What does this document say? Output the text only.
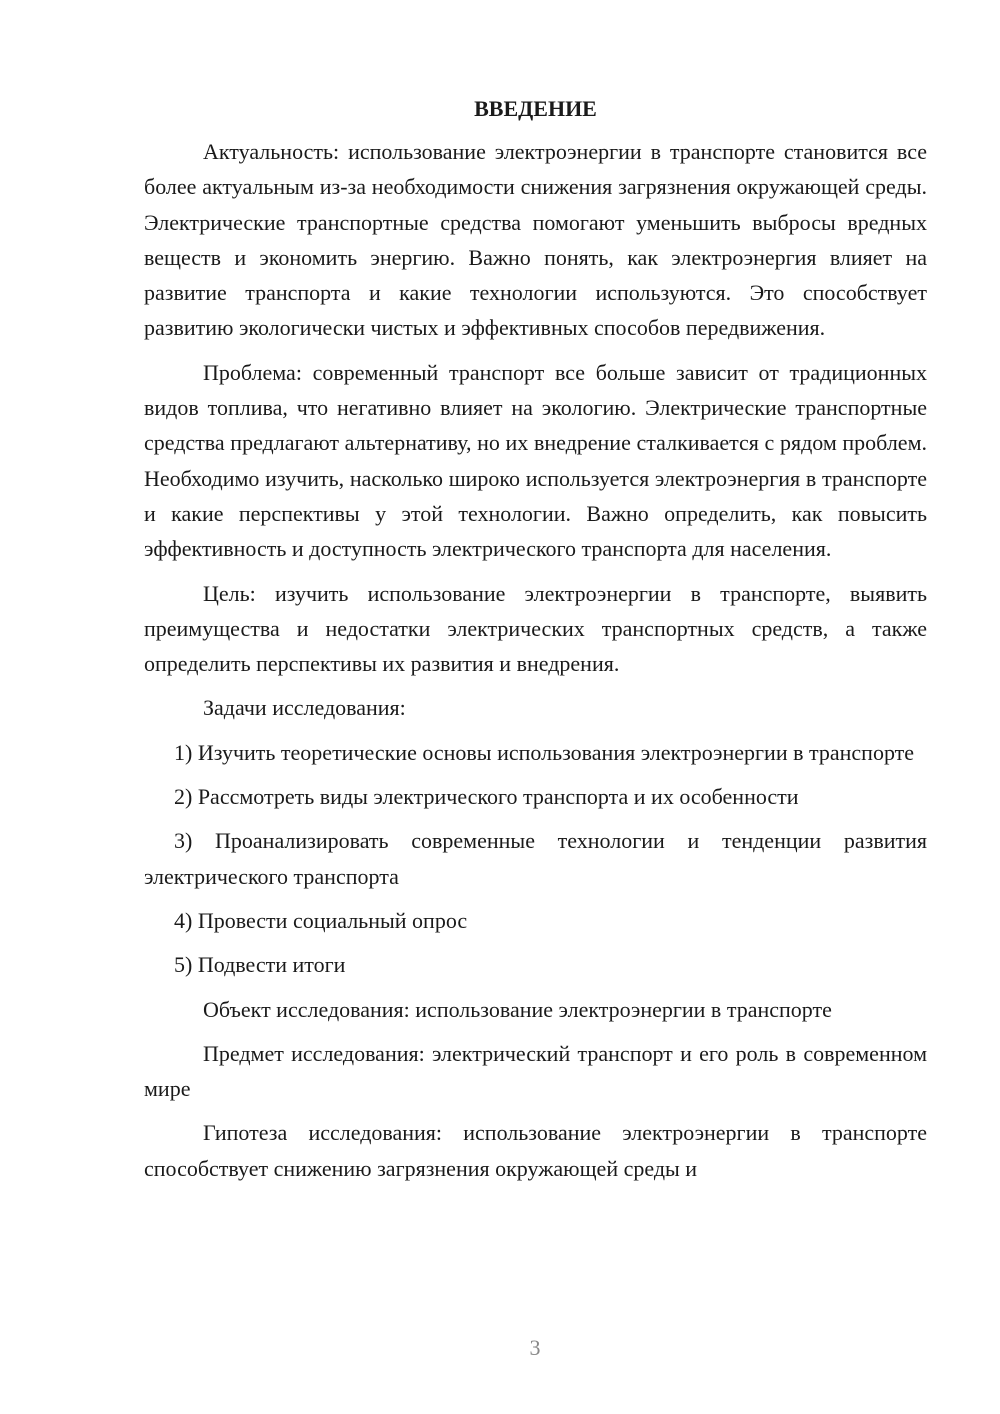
ВВЕДЕНИЕ

Актуальность: использование электроэнергии в транспорте становится все более актуальным из-за необходимости снижения загрязнения окружающей среды. Электрические транспортные средства помогают уменьшить выбросы вредных веществ и экономить энергию. Важно понять, как электроэнергия влияет на развитие транспорта и какие технологии используются. Это способствует развитию экологически чистых и эффективных способов передвижения.

Проблема: современный транспорт все больше зависит от традиционных видов топлива, что негативно влияет на экологию. Электрические транспортные средства предлагают альтернативу, но их внедрение сталкивается с рядом проблем. Необходимо изучить, насколько широко используется электроэнергия в транспорте и какие перспективы у этой технологии. Важно определить, как повысить эффективность и доступность электрического транспорта для населения.

Цель: изучить использование электроэнергии в транспорте, выявить преимущества и недостатки электрических транспортных средств, а также определить перспективы их развития и внедрения.

Задачи исследования:

1) Изучить теоретические основы использования электроэнергии в транспорте

2) Рассмотреть виды электрического транспорта и их особенности

3) Проанализировать современные технологии и тенденции развития электрического транспорта

4) Провести социальный опрос

5) Подвести итоги

Объект исследования: использование электроэнергии в транспорте

Предмет исследования: электрический транспорт и его роль в современном мире

Гипотеза исследования: использование электроэнергии в транспорте способствует снижению загрязнения окружающей среды и

3
